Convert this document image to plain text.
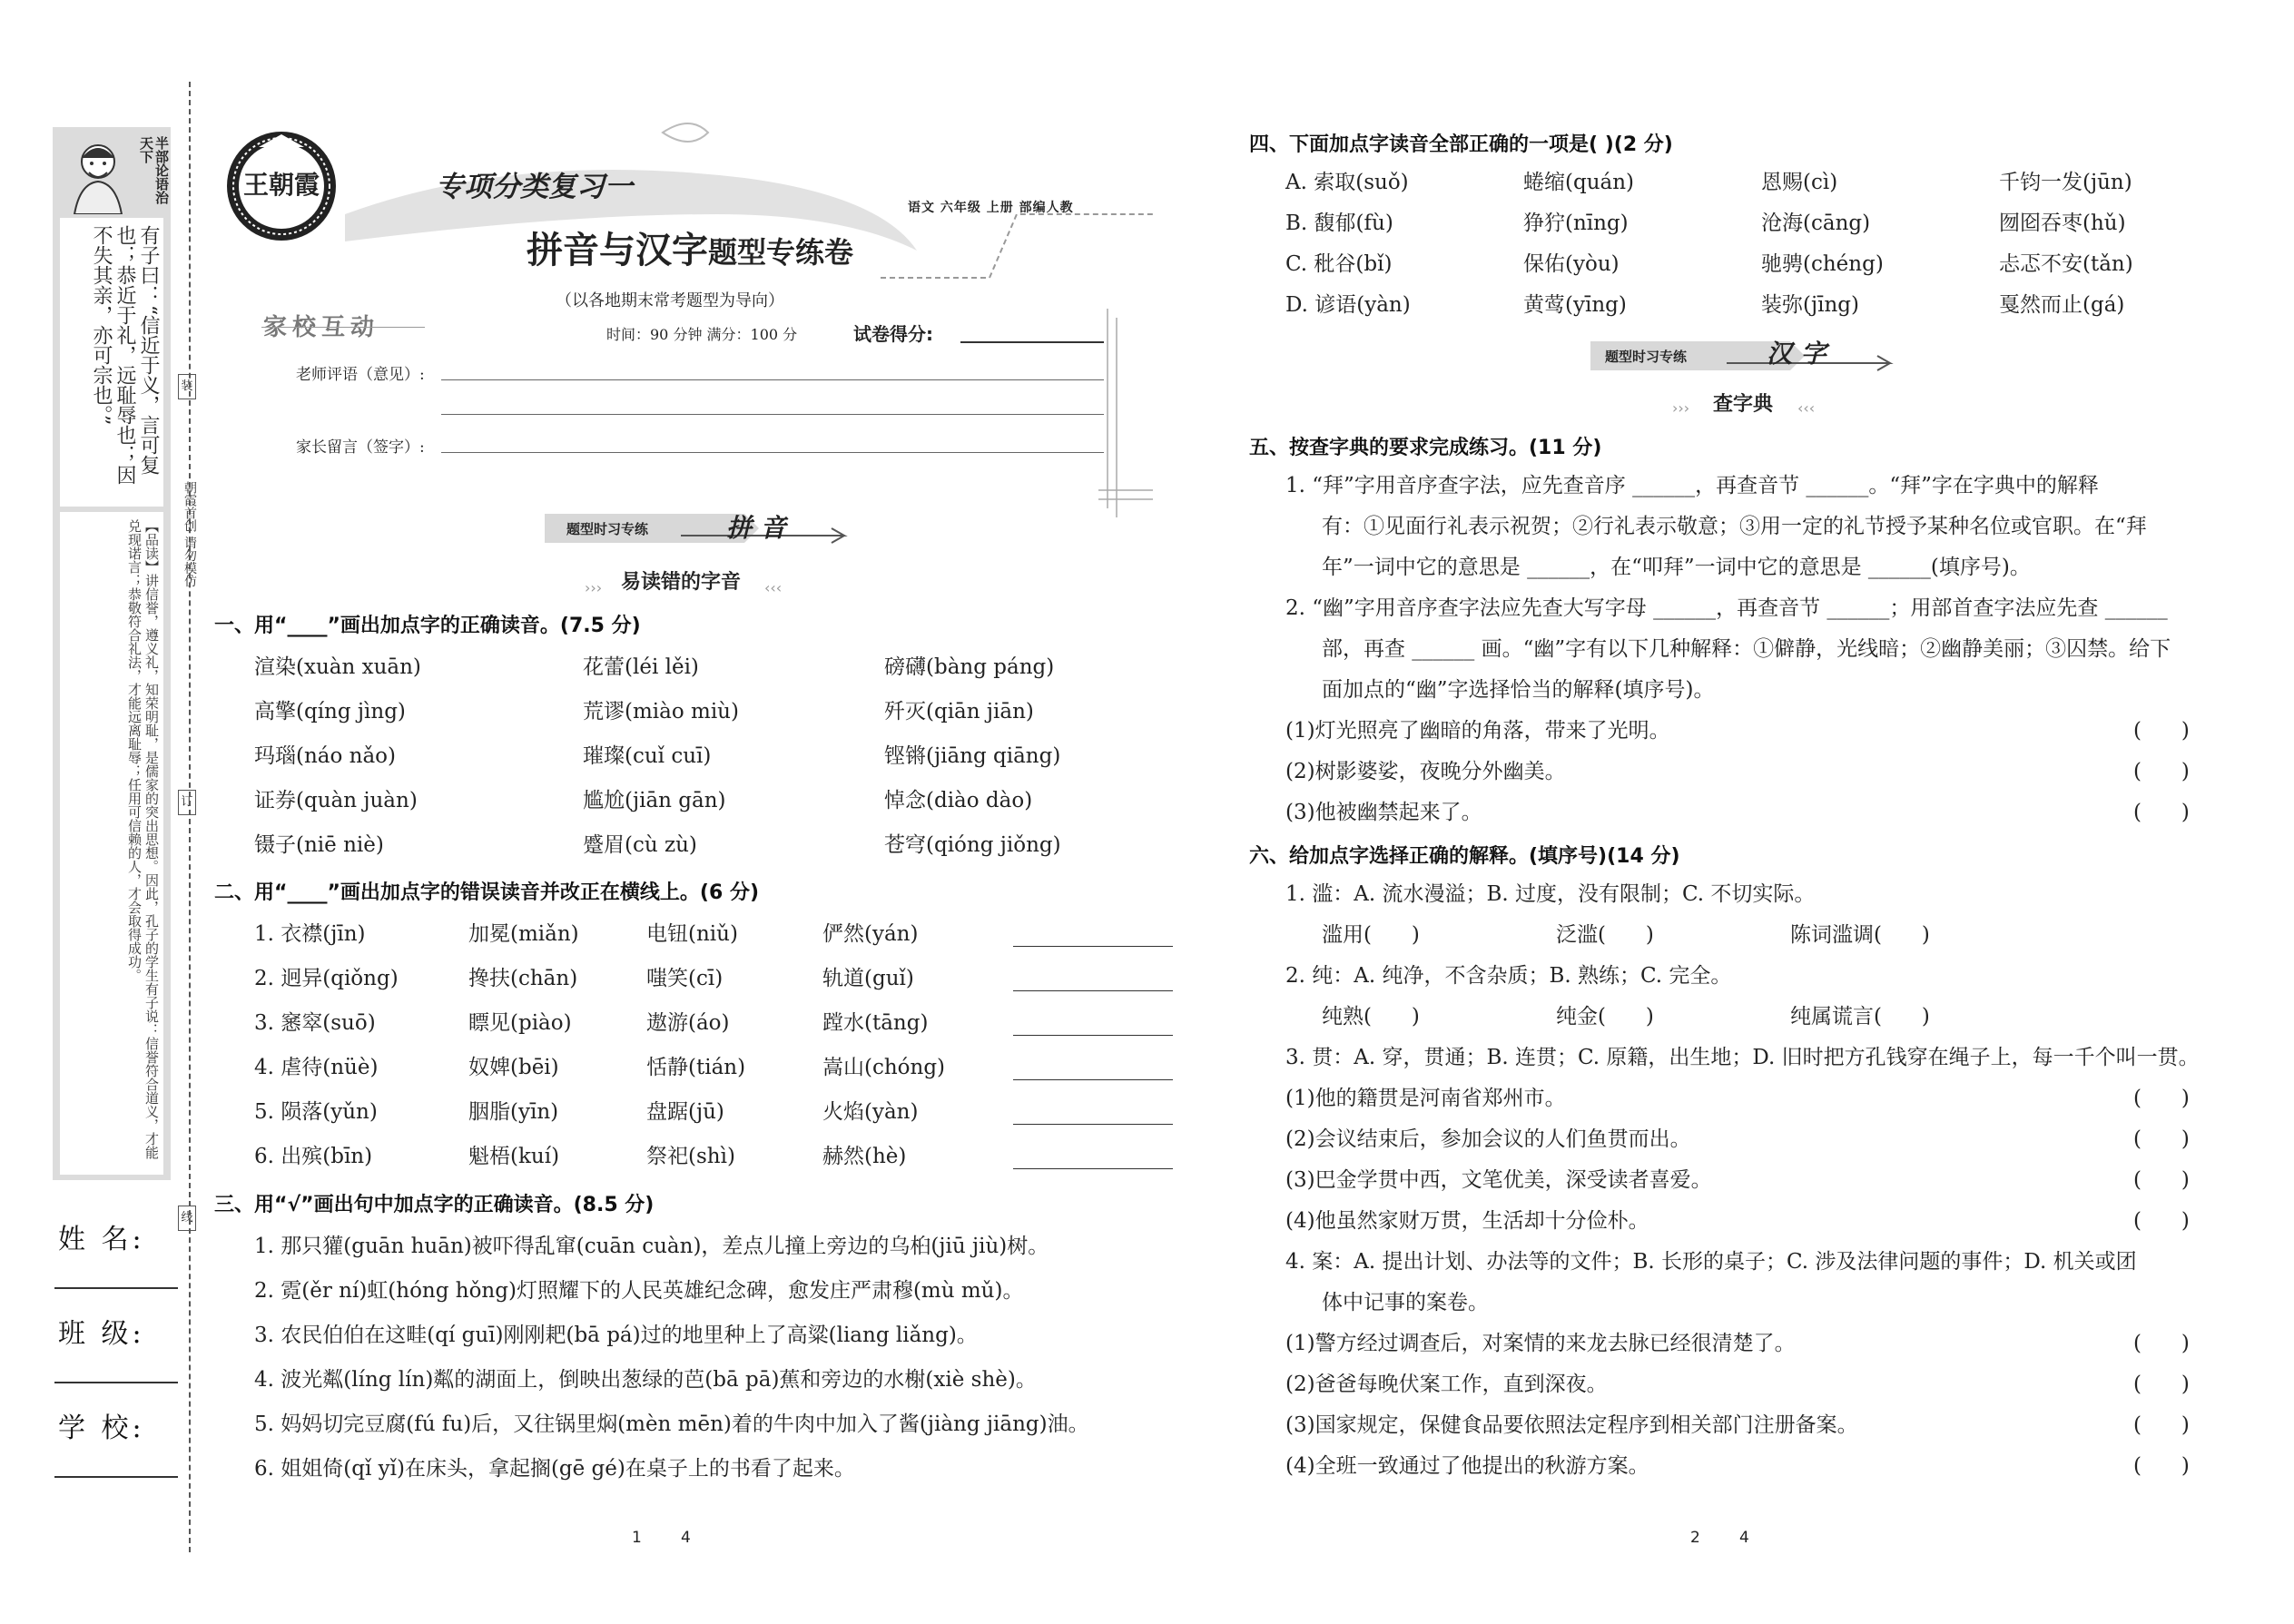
半部论语治天下
有子曰：“信近于义，言可复也；恭近于礼，远耻辱也；因不失其亲，亦可宗也。”
【品读】讲信誉，遵义礼，知荣明耻，是儒家的突出思想。因此，孔子的学生有子说：信誉符合道义，才能兑现诺言；恭敬符合礼法，才能远离耻辱；任用可信赖的人，才会取得成功。	朝霞首创 请勿模仿
装
订
线
姓 名:
班 级:
学 校:
王朝霞	专项分类复习一
语文 六年级 上册 部编人教
拼音与汉字题型专练卷
（以各地期末常考题型为导向）
时间：90 分钟 满分：100 分	试卷得分:
家校互动
老师评语（意见）:
家长留言（签字）:
题型时习专练	拼 音
易读错的字音
›››	‹‹‹
一、用“____”画出加点字的正确读音。(7.5 分)
渲染(xuàn xuān)	花蕾(léi lěi)	磅礴(bàng páng)
高擎(qíng jìng)	荒谬(miào miù)	歼灭(qiān jiān)
玛瑙(náo nǎo)	璀璨(cuǐ cuī)	铿锵(jiāng qiāng)
证券(quàn juàn)	尴尬(jiān gān)	悼念(diào dào)
镊子(niē niè)	蹙眉(cù zù)	苍穹(qióng jiǒng)
二、用“____”画出加点字的错误读音并改正在横线上。(6 分)
1. 衣襟(jīn)	加冕(miǎn)	电钮(niǔ)	俨然(yán)
2. 迥异(qiǒng)	搀扶(chān)	嗤笑(cī)	轨道(guǐ)
3. 窸窣(suō)	瞟见(piào)	遨游(áo)	蹚水(tāng)
4. 虐待(nüè)	奴婢(bēi)	恬静(tián)	嵩山(chóng)
5. 陨落(yǔn)	胭脂(yīn)	盘踞(jū)	火焰(yàn)
6. 出殡(bīn)	魁梧(kuí)	祭祀(shì)	赫然(hè)
三、用“√”画出句中加点字的正确读音。(8.5 分)
1. 那只獾(guān huān)被吓得乱窜(cuān cuàn)，差点儿撞上旁边的乌桕(jiū jiù)树。
2. 霓(ěr ní)虹(hóng hǒng)灯照耀下的人民英雄纪念碑，愈发庄严肃穆(mù mǔ)。
3. 农民伯伯在这畦(qí guī)刚刚耙(bā pá)过的地里种上了高粱(liang liǎng)。
4. 波光粼(líng lín)粼的湖面上，倒映出葱绿的芭(bā pā)蕉和旁边的水榭(xiè shè)。
5. 妈妈切完豆腐(fú fu)后，又往锅里焖(mèn mēn)着的牛肉中加入了酱(jiàng jiāng)油。
6. 姐姐倚(qǐ yǐ)在床头，拿起搁(gē gé)在桌子上的书看了起来。
1        4
四、下面加点字读音全部正确的一项是( )(2 分)
A. 索取(suǒ)	蜷缩(quán)	恩赐(cì)	千钧一发(jūn)
B. 馥郁(fù)	狰狞(nīng)	沧海(cāng)	囫囵吞枣(hǔ)
C. 秕谷(bǐ)	保佑(yòu)	驰骋(chéng)	忐忑不安(tǎn)
D. 谚语(yàn)	黄莺(yīng)	装弥(jīng)	戛然而止(gá)
题型时习专练	汉 字
查字典
›››	‹‹‹
五、按查字典的要求完成练习。(11 分)
1. “拜”字用音序查字法，应先查音序 ______，再查音节 ______。“拜”字在字典中的解释
有：①见面行礼表示祝贺；②行礼表示敬意；③用一定的礼节授予某种名位或官职。在“拜
年”一词中它的意思是 ______，在“叩拜”一词中它的意思是 ______(填序号)。
2. “幽”字用音序查字法应先查大写字母 ______，再查音节 ______；用部首查字法应先查 ______
部，再查 ______ 画。“幽”字有以下几种解释：①僻静，光线暗；②幽静美丽；③囚禁。给下
面加点的“幽”字选择恰当的解释(填序号)。
(1)灯光照亮了幽暗的角落，带来了光明。	(      )
(2)树影婆娑，夜晚分外幽美。	(      )
(3)他被幽禁起来了。	(      )
六、给加点字选择正确的解释。(填序号)(14 分)
1. 滥：A. 流水漫溢；B. 过度，没有限制；C. 不切实际。
滥用(      )	泛滥(      )	陈词滥调(      )
2. 纯：A. 纯净，不含杂质；B. 熟练；C. 完全。
纯熟(      )	纯金(      )	纯属谎言(      )
3. 贯：A. 穿，贯通；B. 连贯；C. 原籍，出生地；D. 旧时把方孔钱穿在绳子上，每一千个叫一贯。
(1)他的籍贯是河南省郑州市。	(      )
(2)会议结束后，参加会议的人们鱼贯而出。	(      )
(3)巴金学贯中西，文笔优美，深受读者喜爱。	(      )
(4)他虽然家财万贯，生活却十分俭朴。	(      )
4. 案：A. 提出计划、办法等的文件；B. 长形的桌子；C. 涉及法律问题的事件；D. 机关或团
体中记事的案卷。
(1)警方经过调查后，对案情的来龙去脉已经很清楚了。	(      )
(2)爸爸每晚伏案工作，直到深夜。	(      )
(3)国家规定，保健食品要依照法定程序到相关部门注册备案。	(      )
(4)全班一致通过了他提出的秋游方案。	(      )
2        4
